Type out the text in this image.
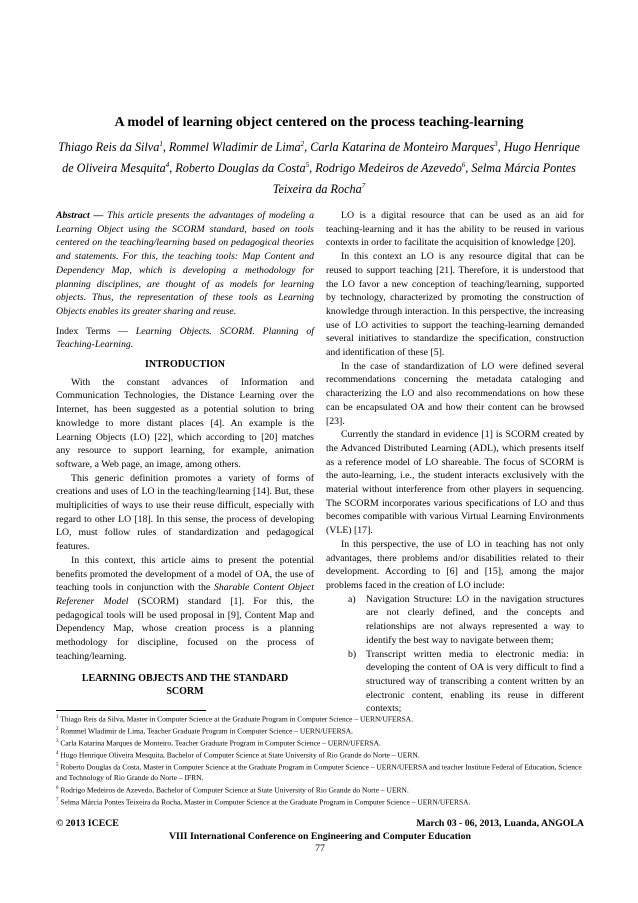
A model of learning object centered on the process teaching-learning
Thiago Reis da Silva$^1$, Rommel Wladimir de Lima$^2$, Carla Katarina de Monteiro Marques$^3$, Hugo Henrique de Oliveira Mesquita$^4$, Roberto Douglas da Costa$^5$, Rodrigo Medeiros de Azevedo$^6$, Selma Márcia Pontes Teixeira da Rocha$^7$

Abstract — This article presents the advantages of modeling a Learning Object using the SCORM standard, based on tools centered on the teaching/learning based on pedagogical theories and statements. For this, the teaching tools: Map Content and Dependency Map, which is developing a methodology for planning disciplines, are thought of as models for learning objects. Thus, the representation of these tools as Learning Objects enables its greater sharing and reuse.

Index Terms — Learning Objects. SCORM. Planning of Teaching-Learning.

INTRODUCTION

With the constant advances of Information and Communication Technologies, the Distance Learning over the Internet, has been suggested as a potential solution to bring knowledge to more distant places [4]. An example is the Learning Objects (LO) [22], which according to [20] matches any resource to support learning, for example, animation software, a Web page, an image, among others.

This generic definition promotes a variety of forms of creations and uses of LO in the teaching/learning [14]. But, these multiplicities of ways to use their reuse difficult, especially with regard to other LO [18]. In this sense, the process of developing LO, must follow rules of standardization and pedagogical features.

In this context, this article aims to present the potential benefits promoted the development of a model of OA, the use of teaching tools in conjunction with the Sharable Content Object Referener Model (SCORM) standard [1]. For this, the pedagogical tools will be used proposal in [9], Content Map and Dependency Map, whose creation process is a planning methodology for discipline, focused on the process of teaching/learning.

LEARNING OBJECTS AND THE STANDARD
SCORM

LO is a digital resource that can be used as an aid for teaching-learning and it has the ability to be reused in various contexts in order to facilitate the acquisition of knowledge [20].

In this context an LO is any resource digital that can be reused to support teaching [21]. Therefore, it is understood that the LO favor a new conception of teaching/learning, supported by technology, characterized by promoting the construction of knowledge through interaction. In this perspective, the increasing use of LO activities to support the teaching-learning demanded several initiatives to standardize the specification, construction and identification of these [5].

In the case of standardization of LO were defined several recommendations concerning the metadata cataloging and characterizing the LO and also recommendations on how these can be encapsulated OA and how their content can be browsed [23].

Currently the standard in evidence [1] is SCORM created by the Advanced Distributed Learning (ADL), which presents itself as a reference model of LO shareable. The focus of SCORM is the auto-learning, i.e., the student interacts exclusively with the material without interference from other players in sequencing. The SCORM incorporates various specifications of LO and thus becomes compatible with various Virtual Learning Environments (VLE) [17].

In this perspective, the use of LO in teaching has not only advantages, there problems and/or disabilities related to their development. According to [6] and [15], among the major problems faced in the creation of LO include:

a)	Navigation Structure: LO in the navigation structures are not clearly defined, and the concepts and relationships are not always represented a way to identify the best way to navigate between them;
b)	Transcript written media to electronic media: in developing the content of OA is very difficult to find a structured way of transcribing a content written by an electronic content, enabling its reuse in different contexts;
$^1$ Thiago Reis da Silva, Master in Computer Science at the Graduate Program in Computer Science – UERN/UFERSA.
$^2$ Rommel Wladimir de Lima, Teacher Graduate Program in Computer Science – UERN/UFERSA.
$^3$ Carla Katarina Marques de Monteiro, Teacher Graduate Program in Computer Science – UERN/UFERSA.
$^4$ Hugo Henrique Oliveira Mesquita, Bachelor of Computer Science at State University of Rio Grande do Norte – UERN.
$^5$ Roberto Douglas da Costa, Master in Computer Science at the Graduate Program in Computer Science – UERN/UFERSA and teacher Institute Federal of Education, Science and Technology of Rio Grande do Norte – IFRN.
$^6$ Rodrigo Medeiros de Azevedo, Bachelor of Computer Science at State University of Rio Grande do Norte – UERN.
$^7$ Selma Márcia Pontes Teixeira da Rocha, Master in Computer Science at the Graduate Program in Computer Science – UERN/UFERSA.
© 2013 ICECE	March 03 - 06, 2013, Luanda, ANGOLA
VIII International Conference on Engineering and Computer Education
77
